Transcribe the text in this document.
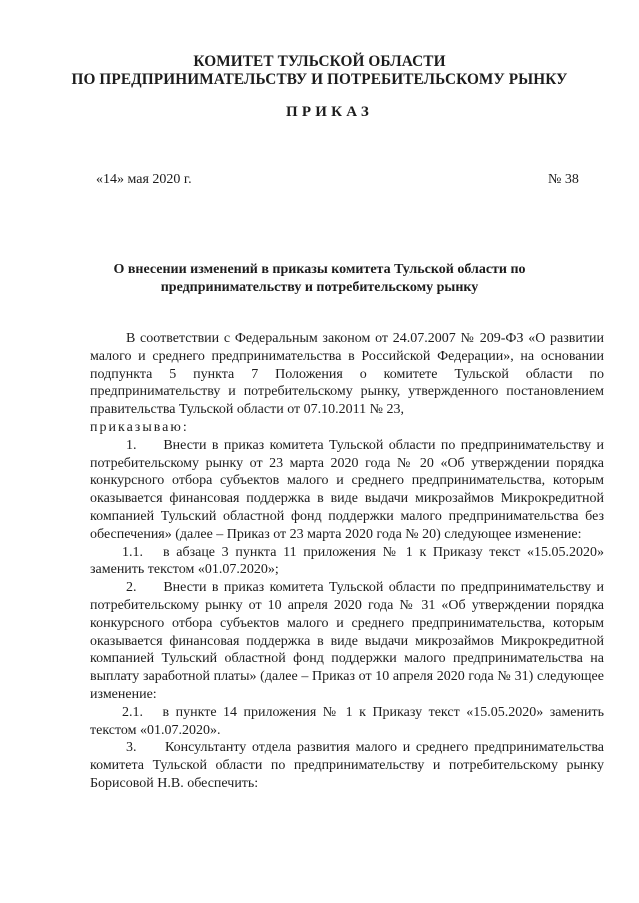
КОМИТЕТ ТУЛЬСКОЙ ОБЛАСТИ
ПО ПРЕДПРИНИМАТЕЛЬСТВУ И ПОТРЕБИТЕЛЬСКОМУ РЫНКУ
ПРИКАЗ
«14» мая 2020 г.	№ 38
О внесении изменений в приказы комитета Тульской области по
предпринимательству и потребительскому рынку

В соответствии с Федеральным законом от 24.07.2007 № 209-ФЗ «О развитии малого и среднего предпринимательства в Российской Федерации», на основании подпункта 5 пункта 7 Положения о комитете Тульской области по предпринимательству и потребительскому рынку, утвержденного постановлением правительства Тульской области от 07.10.2011 № 23,

приказываю:

1.     Внести в приказ комитета Тульской области по предпринимательству и потребительскому рынку от 23 марта 2020 года № 20 «Об утверждении порядка конкурсного отбора субъектов малого и среднего предпринимательства, которым оказывается финансовая поддержка в виде выдачи микрозаймов Микрокредитной компанией Тульский областной фонд поддержки малого предпринимательства без обеспечения» (далее – Приказ от 23 марта 2020 года № 20) следующее изменение:

1.1.   в абзаце 3 пункта 11 приложения № 1 к Приказу текст «15.05.2020» заменить текстом «01.07.2020»;

2.     Внести в приказ комитета Тульской области по предпринимательству и потребительскому рынку от 10 апреля 2020 года № 31 «Об утверждении порядка конкурсного отбора субъектов малого и среднего предпринимательства, которым оказывается финансовая поддержка в виде выдачи микрозаймов Микрокредитной компанией Тульский областной фонд поддержки малого предпринимательства на выплату заработной платы» (далее – Приказ от 10 апреля 2020 года № 31) следующее изменение:

2.1.   в пункте 14 приложения № 1 к Приказу текст «15.05.2020» заменить текстом «01.07.2020».

3.     Консультанту отдела развития малого и среднего предпринимательства комитета Тульской области по предпринимательству и потребительскому рынку Борисовой Н.В. обеспечить:
